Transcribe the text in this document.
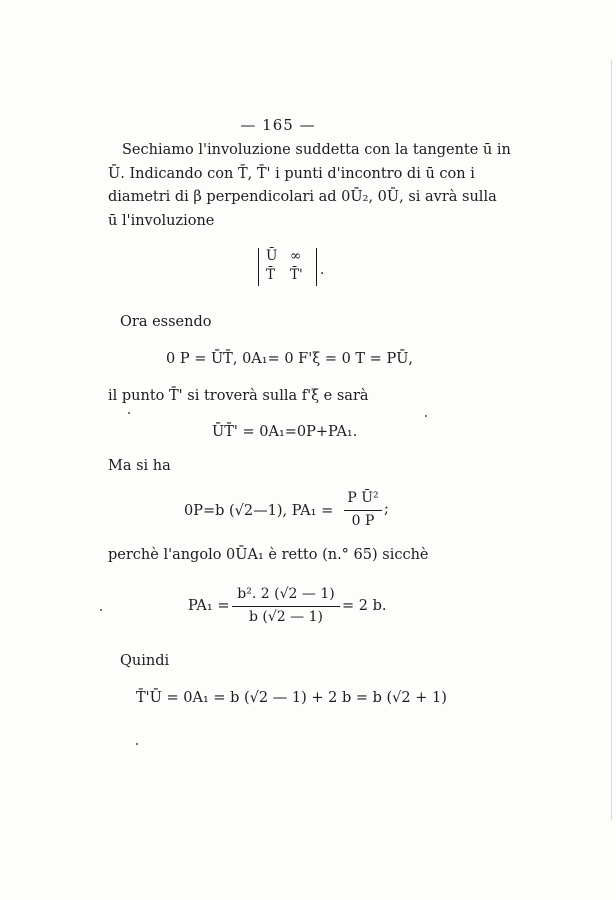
— 165 —
Sechiamo l'involuzione suddetta con la tangente ū in
Ū. Indicando con T̄, T̄' i punti d'incontro di ū con i
diametri di β perpendicolari ad 0Ū₂, 0Ū, si avrà sulla
ū l'involuzione
Ū ∞
T̄ T̄' .
Ora essendo
0 P = ŪT̄, 0A₁= 0 F'ξ = 0 T = PŪ,
il punto T̄' si troverà sulla f'ξ e sarà
ŪT̄' = 0A₁=0P+PA₁.
Ma si ha
0P=b (√2—1), PA₁ =
P Ū²
0 P
;
perchè l'angolo 0ŪA₁ è retto (n.° 65) sicchè
PA₁ =
b². 2 (√2 — 1)
b (√2 — 1)
= 2 b.
Quindi
T̄'Ū = 0A₁ = b (√2 — 1) + 2 b = b (√2 + 1)
